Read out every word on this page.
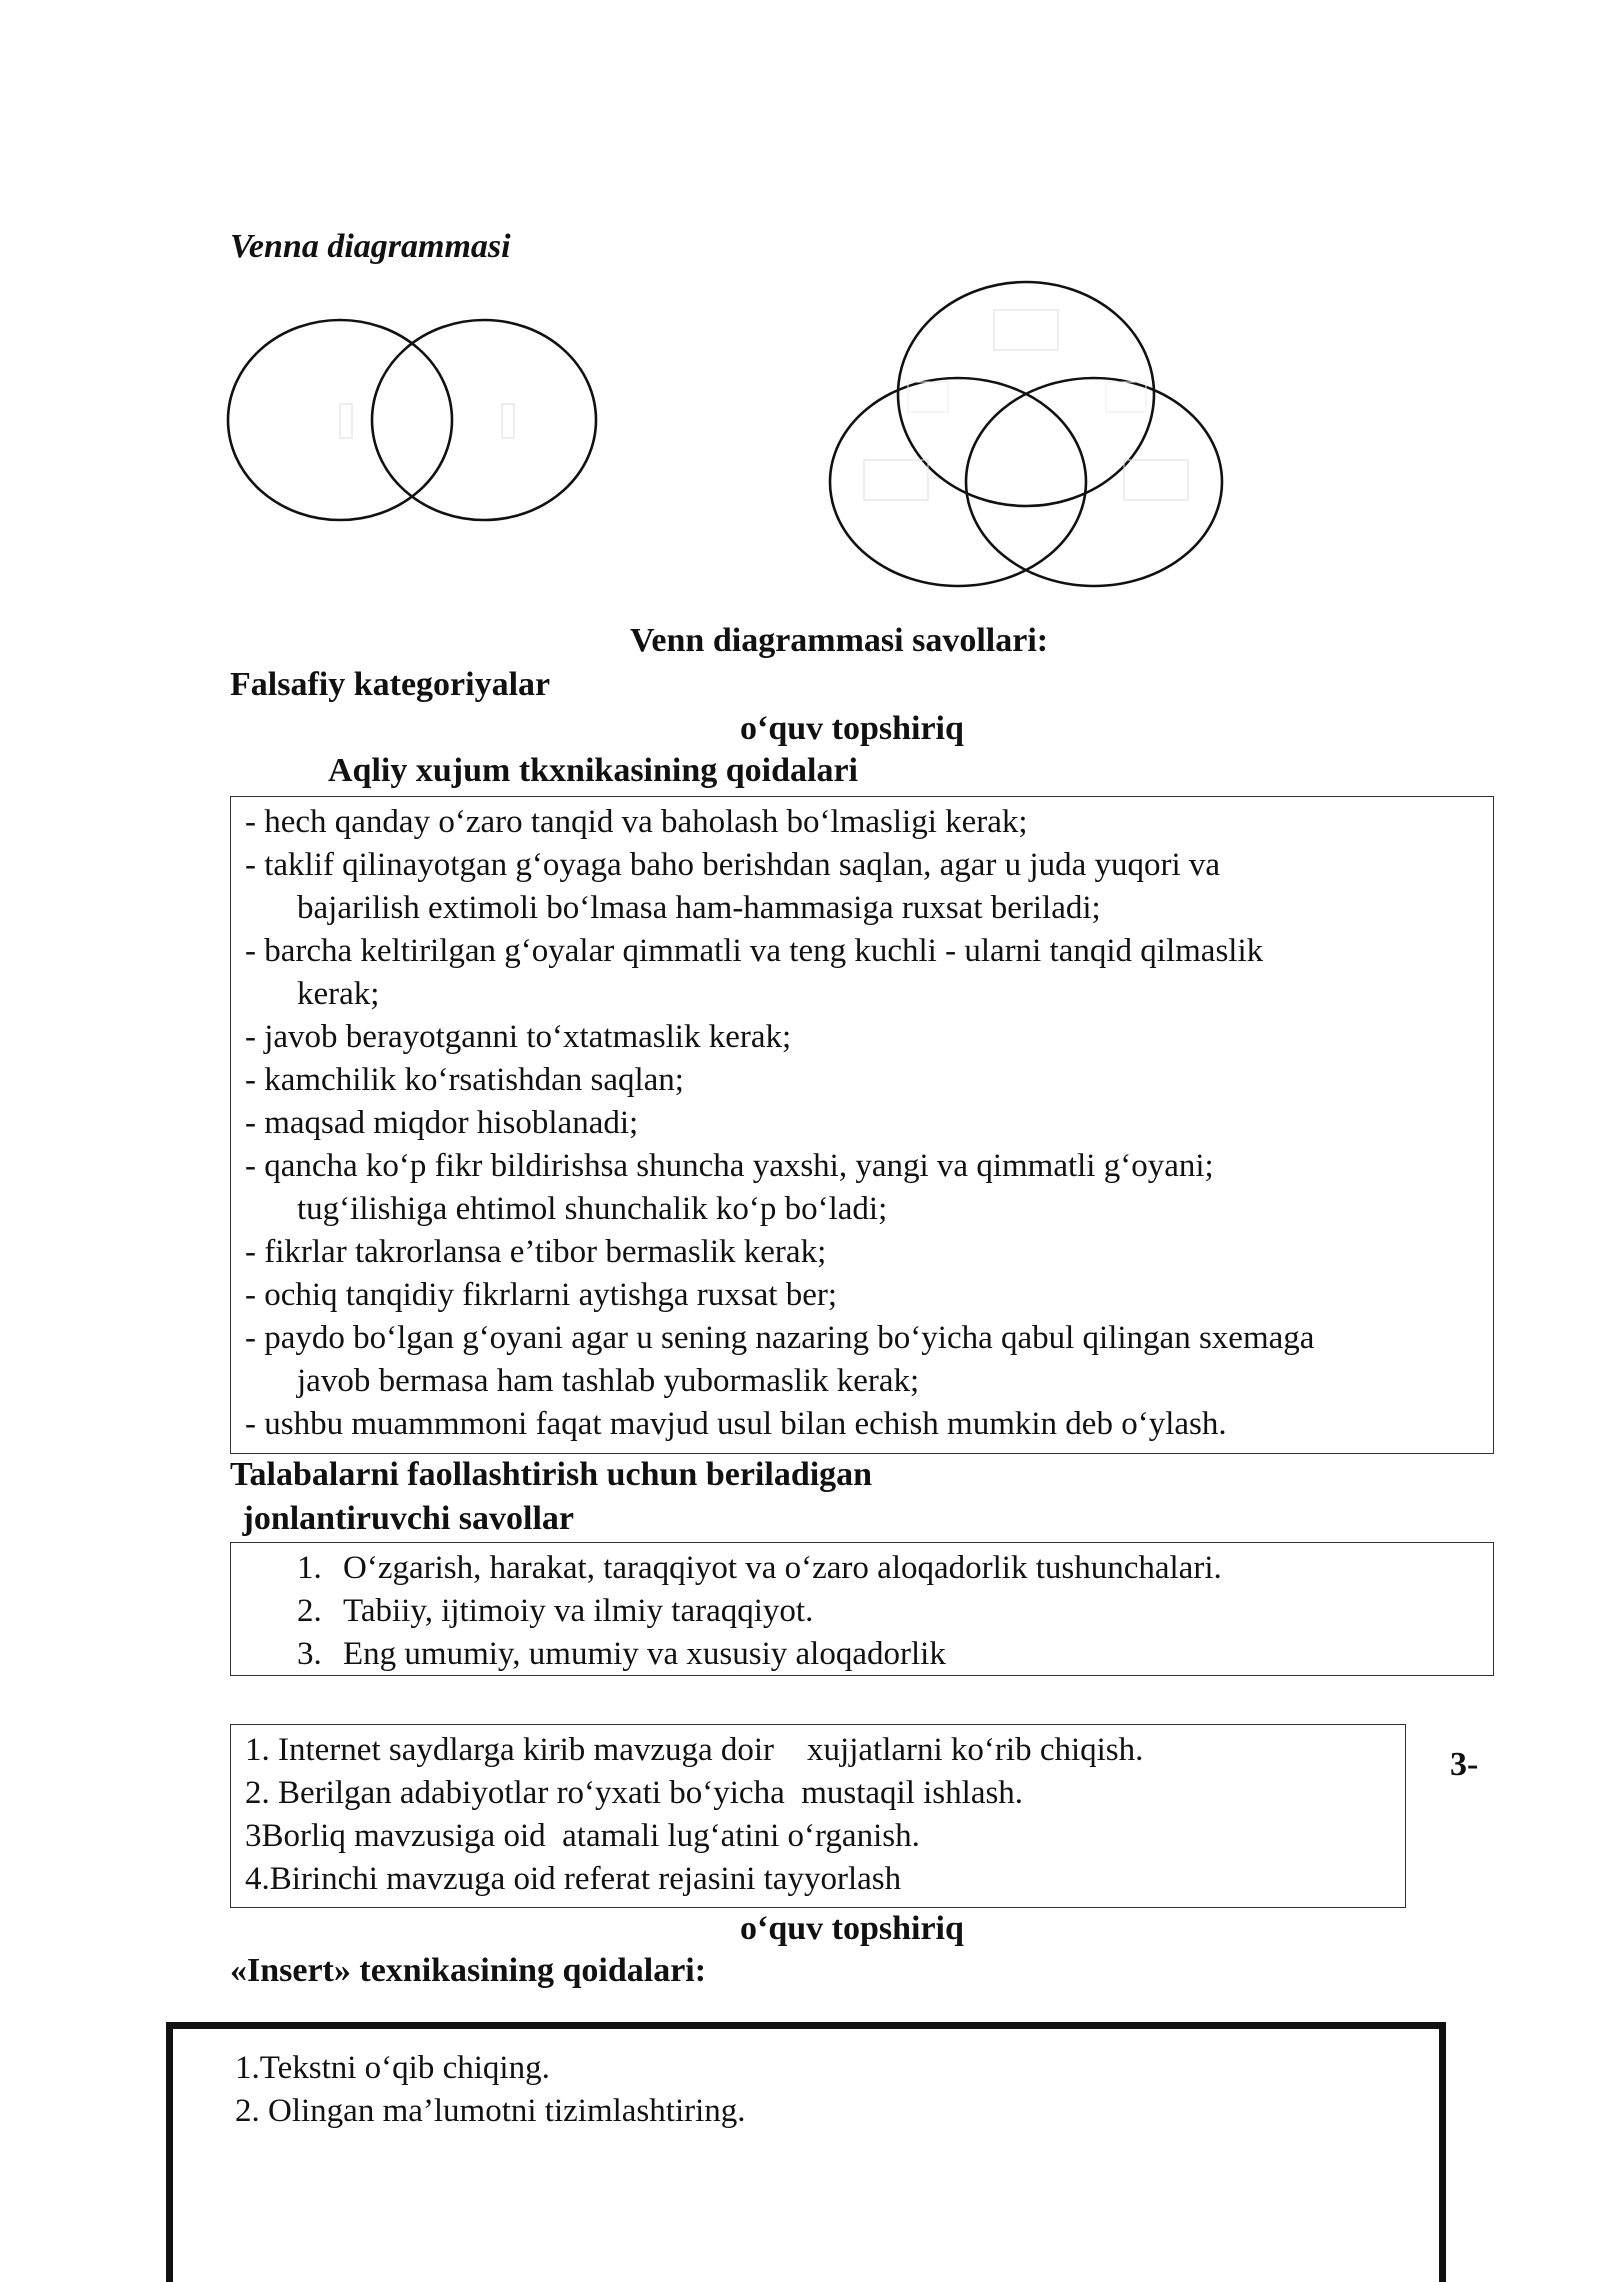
Venna diagrammasi
Venn diagrammasi savollari:
Falsafiy kategoriyalar
o‘quv topshiriq
Aqliy xujum tkxnikasining qoidalari
- hech qanday o‘zaro tanqid va baholash bo‘lmasligi kerak;
- taklif qilinayotgan g‘oyaga baho berishdan saqlan, agar u juda yuqori va
bajarilish extimoli bo‘lmasa ham-hammasiga ruxsat beriladi;
- barcha keltirilgan g‘oyalar qimmatli va teng kuchli - ularni tanqid qilmaslik
kerak;
- javob berayotganni to‘xtatmaslik kerak;
- kamchilik ko‘rsatishdan saqlan;
- maqsad miqdor hisoblanadi;
- qancha ko‘p fikr bildirishsa shuncha yaxshi, yangi va qimmatli g‘oyani;
tug‘ilishiga ehtimol shunchalik ko‘p bo‘ladi;
- fikrlar takrorlansa e’tibor bermaslik kerak;
- ochiq tanqidiy fikrlarni aytishga ruxsat ber;
- paydo bo‘lgan g‘oyani agar u sening nazaring bo‘yicha qabul qilingan sxemaga
javob bermasa ham tashlab yubormaslik kerak;
- ushbu muammmoni faqat mavjud usul bilan echish mumkin deb o‘ylash.
Talabalarni faollashtirish uchun beriladigan
jonlantiruvchi savollar
1. O‘zgarish, harakat, taraqqiyot va o‘zaro aloqadorlik tushunchalari.
2. Tabiiy, ijtimoiy va ilmiy taraqqiyot.
3. Eng umumiy, umumiy va xususiy aloqadorlik
1. Internet saydlarga kirib mavzuga doir    xujjatlarni ko‘rib chiqish.
2. Berilgan adabiyotlar ro‘yxati bo‘yicha  mustaqil ishlash.
3Borliq mavzusiga oid  atamali lug‘atini o‘rganish.
4.Birinchi mavzuga oid referat rejasini tayyorlash
3-
o‘quv topshiriq
«Insert» texnikasining qoidalari:
1.Tekstni o‘qib chiqing.
2. Olingan ma’lumotni tizimlashtiring.
